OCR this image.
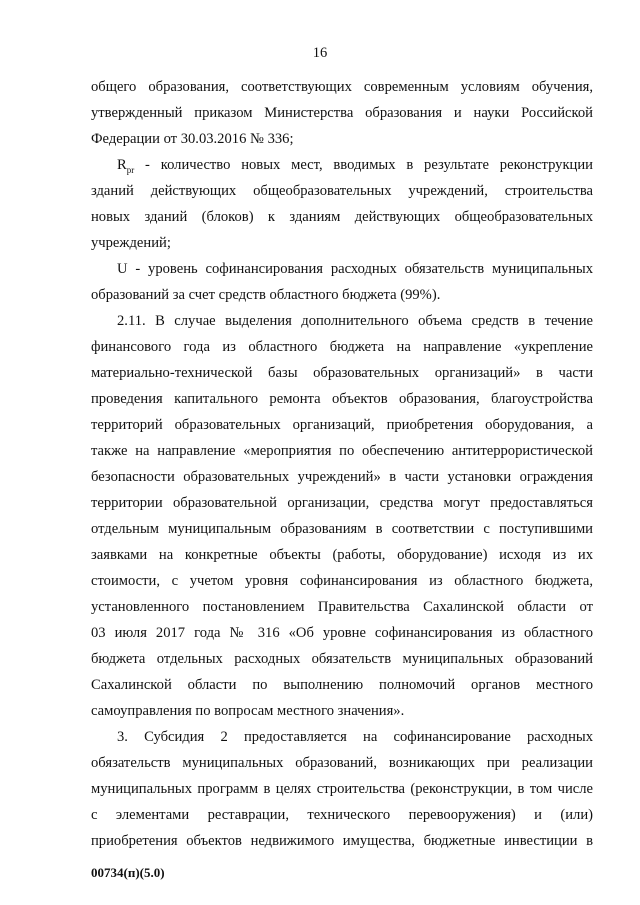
16
общего образования, соответствующих современным условиям обучения,
утвержденный приказом Министерства образования и науки Российской
Федерации от 30.03.2016 № 336;
$R_{pr}$ - количество новых мест, вводимых в результате реконструкции
зданий действующих общеобразовательных учреждений, строительства
новых зданий (блоков) к зданиям действующих общеобразовательных
учреждений;
U - уровень софинансирования расходных обязательств муниципальных
образований за счет средств областного бюджета (99%).
2.11. В случае выделения дополнительного объема средств в течение
финансового года из областного бюджета на направление «укрепление
материально-технической базы образовательных организаций» в части
проведения капитального ремонта объектов образования, благоустройства
территорий образовательных организаций, приобретения оборудования, а
также на направление «мероприятия по обеспечению антитеррористической
безопасности образовательных учреждений» в части установки ограждения
территории образовательной организации, средства могут предоставляться
отдельным муниципальным образованиям в соответствии с поступившими
заявками на конкретные объекты (работы, оборудование) исходя из их
стоимости, с учетом уровня софинансирования из областного бюджета,
установленного постановлением Правительства Сахалинской области от
03 июля 2017 года № 316 «Об уровне софинансирования из областного
бюджета отдельных расходных обязательств муниципальных образований
Сахалинской области по выполнению полномочий органов местного
самоуправления по вопросам местного значения».
3. Субсидия 2 предоставляется на софинансирование расходных
обязательств муниципальных образований, возникающих при реализации
муниципальных программ в целях строительства (реконструкции, в том числе
с элементами реставрации, технического перевооружения) и (или)
приобретения объектов недвижимого имущества, бюджетные инвестиции в
00734(п)(5.0)
